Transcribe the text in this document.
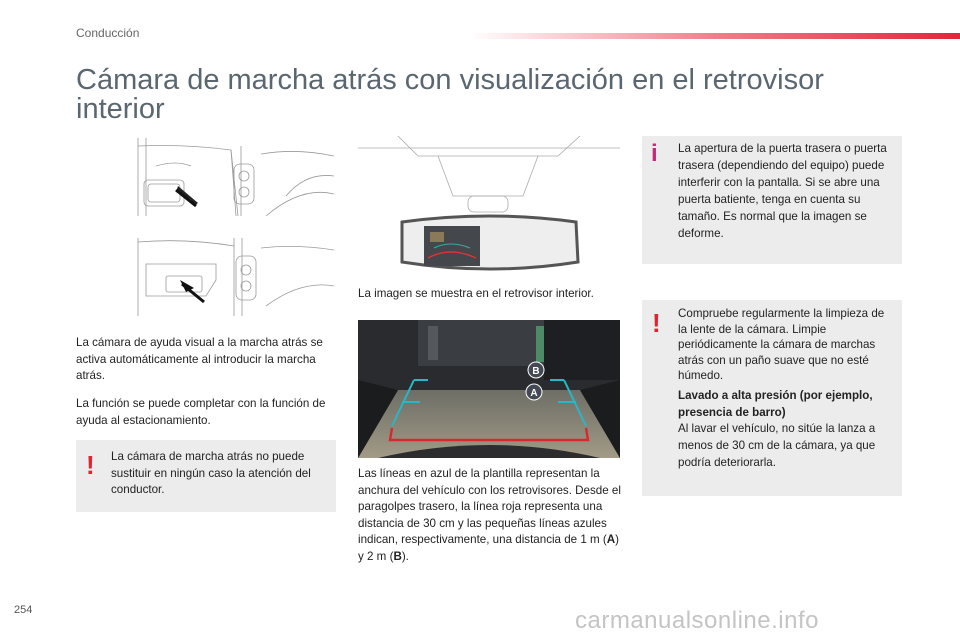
Conducción
Cámara de marcha atrás con visualización en el retrovisor interior
La cámara de ayuda visual a la marcha atrás se activa automáticamente al introducir la marcha atrás.
La función se puede completar con la función de ayuda al estacionamiento.
! La cámara de marcha atrás no puede sustituir en ningún caso la atención del conductor.
La imagen se muestra en el retrovisor interior.
B
A
Las líneas en azul de la plantilla representan la anchura del vehículo con los retrovisores. Desde el paragolpes trasero, la línea roja representa una distancia de 30 cm y las pequeñas líneas azules indican, respectivamente, una distancia de 1 m (A) y 2 m (B).
i La apertura de la puerta trasera o puerta trasera (dependiendo del equipo) puede interferir con la pantalla. Si se abre una puerta batiente, tenga en cuenta su tamaño. Es normal que la imagen se deforme.
! Compruebe regularmente la limpieza de la lente de la cámara. Limpie periódicamente la cámara de marchas atrás con un paño suave que no esté húmedo.
Lavado a alta presión (por ejemplo, presencia de barro)
Al lavar el vehículo, no sitúe la lanza a menos de 30 cm de la cámara, ya que podría deteriorarla.
254	carmanualsonline.info
